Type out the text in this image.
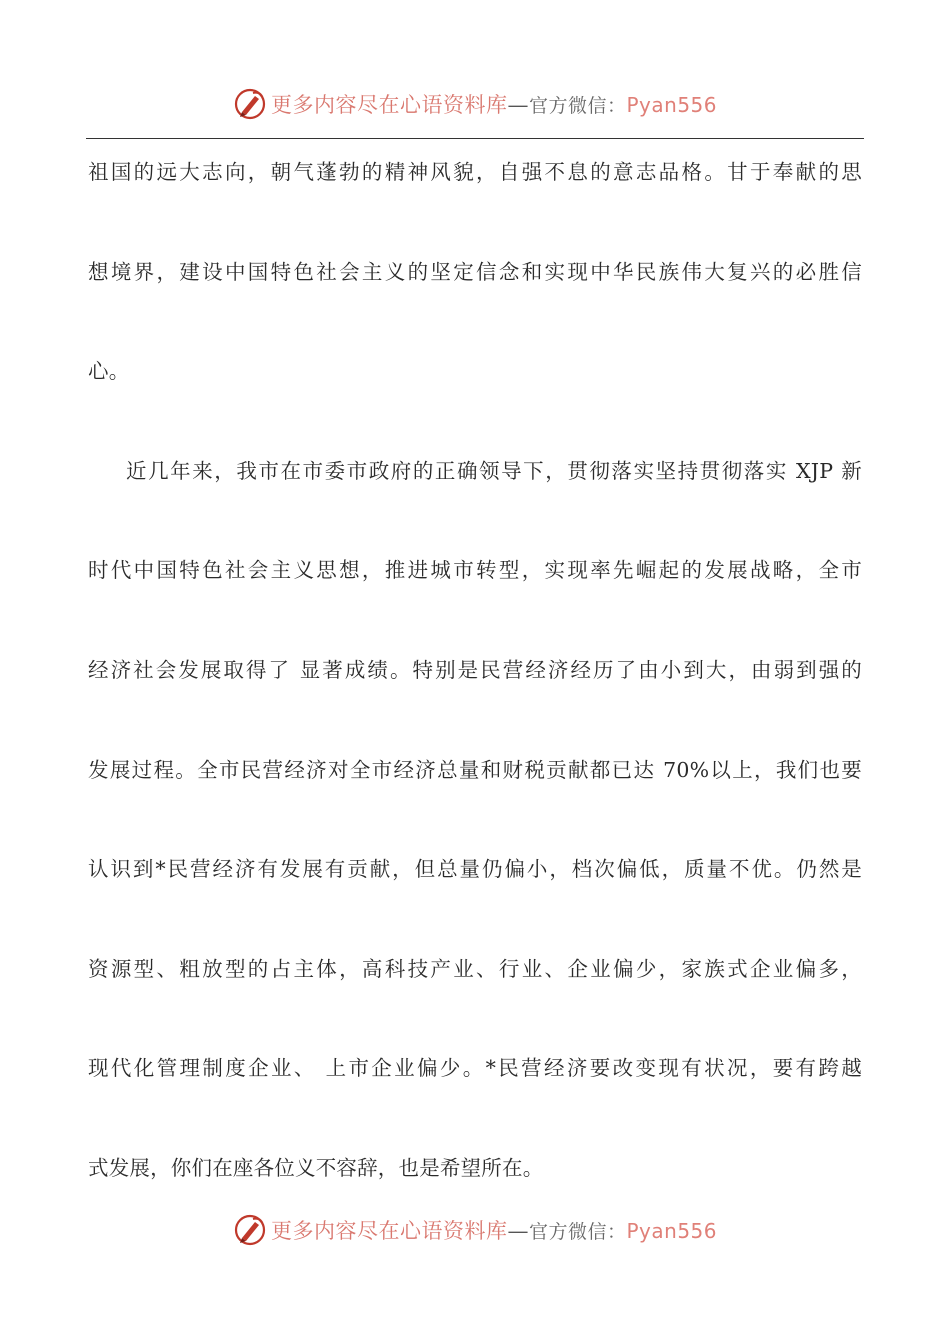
更多内容尽在心语资料库—官方微信：Pyan556
祖国的远大志向，朝气蓬勃的精神风貌，自强不息的意志品格。甘于奉献的思
想境界，建设中国特色社会主义的坚定信念和实现中华民族伟大复兴的必胜信
心。
近几年来，我市在市委市政府的正确领导下，贯彻落实坚持贯彻落实 XJP 新
时代中国特色社会主义思想，推进城市转型，实现率先崛起的发展战略，全市
经济社会发展取得了 显著成绩。特别是民营经济经历了由小到大，由弱到强的
发展过程。全市民营经济对全市经济总量和财税贡献都已达 70%以上，我们也要
认识到*民营经济有发展有贡献，但总量仍偏小，档次偏低，质量不优。仍然是
资源型、粗放型的占主体，高科技产业、行业、企业偏少，家族式企业偏多，
现代化管理制度企业、 上市企业偏少。*民营经济要改变现有状况，要有跨越
式发展，你们在座各位义不容辞，也是希望所在。
更多内容尽在心语资料库—官方微信：Pyan556
